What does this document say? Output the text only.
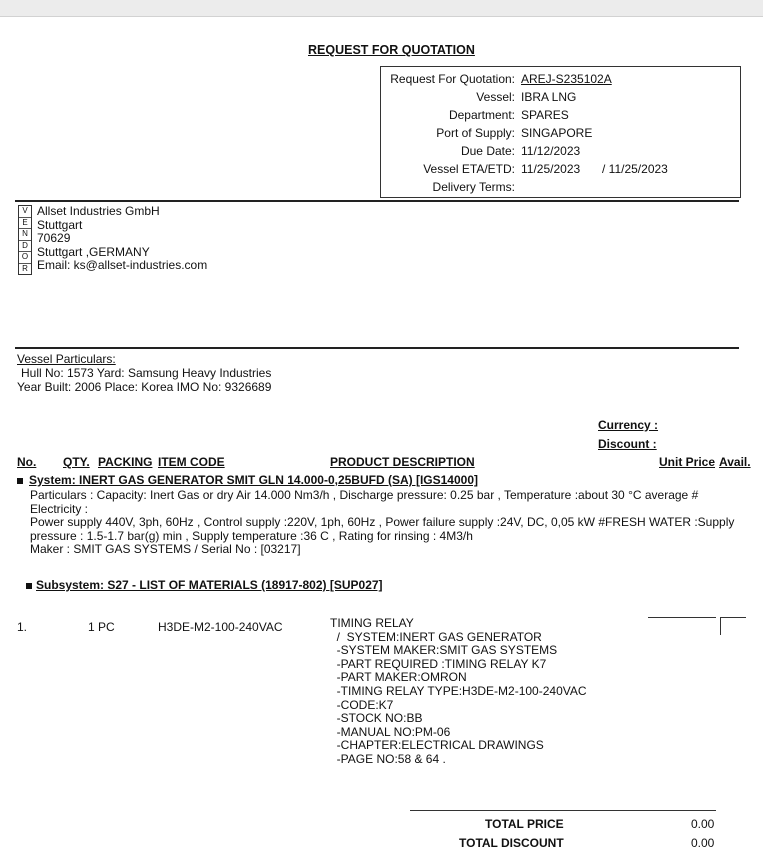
REQUEST FOR QUOTATION
Request For Quotation: AREJ-S235102A
Vessel: IBRA LNG
Department: SPARES
Port of Supply: SINGAPORE
Due Date: 11/12/2023
Vessel ETA/ETD: 11/25/2023 / 11/25/2023
Delivery Terms:
V
E
N
D
O
R
Allset Industries GmbH
Stuttgart
70629
Stuttgart ,GERMANY
Email: ks@allset-industries.com
Vessel Particulars:
Hull No: 1573 Yard: Samsung Heavy Industries
Year Built: 2006 Place: Korea IMO No: 9326689
Currency :
Discount :
No. QTY. PACKING ITEM CODE	PRODUCT DESCRIPTION	Unit Price Avail.
System: INERT GAS GENERATOR SMIT GLN 14.000-0,25BUFD (SA) [IGS14000]
Particulars : Capacity: Inert Gas or dry Air 14.000 Nm3/h , Discharge pressure: 0.25 bar , Temperature :about 30 °C average # Electricity :
Power supply 440V, 3ph, 60Hz , Control supply :220V, 1ph, 60Hz , Power failure supply :24V, DC, 0,05 kW #FRESH WATER :Supply pressure : 1.5-1.7 bar(g) min , Supply temperature :36 C , Rating for rinsing : 4M3/h
Maker : SMIT GAS SYSTEMS / Serial No : [03217]
Subsystem: S27 - LIST OF MATERIALS (18917-802) [SUP027]
1.	1 PC	H3DE-M2-100-240VAC	TIMING RELAY
/  SYSTEM:INERT GAS GENERATOR
-SYSTEM MAKER:SMIT GAS SYSTEMS
-PART REQUIRED :TIMING RELAY K7
-PART MAKER:OMRON
-TIMING RELAY TYPE:H3DE-M2-100-240VAC
-CODE:K7
-STOCK NO:BB
-MANUAL NO:PM-06
-CHAPTER:ELECTRICAL DRAWINGS
-PAGE NO:58 & 64 .
TOTAL PRICE	0.00
TOTAL DISCOUNT	0.00
